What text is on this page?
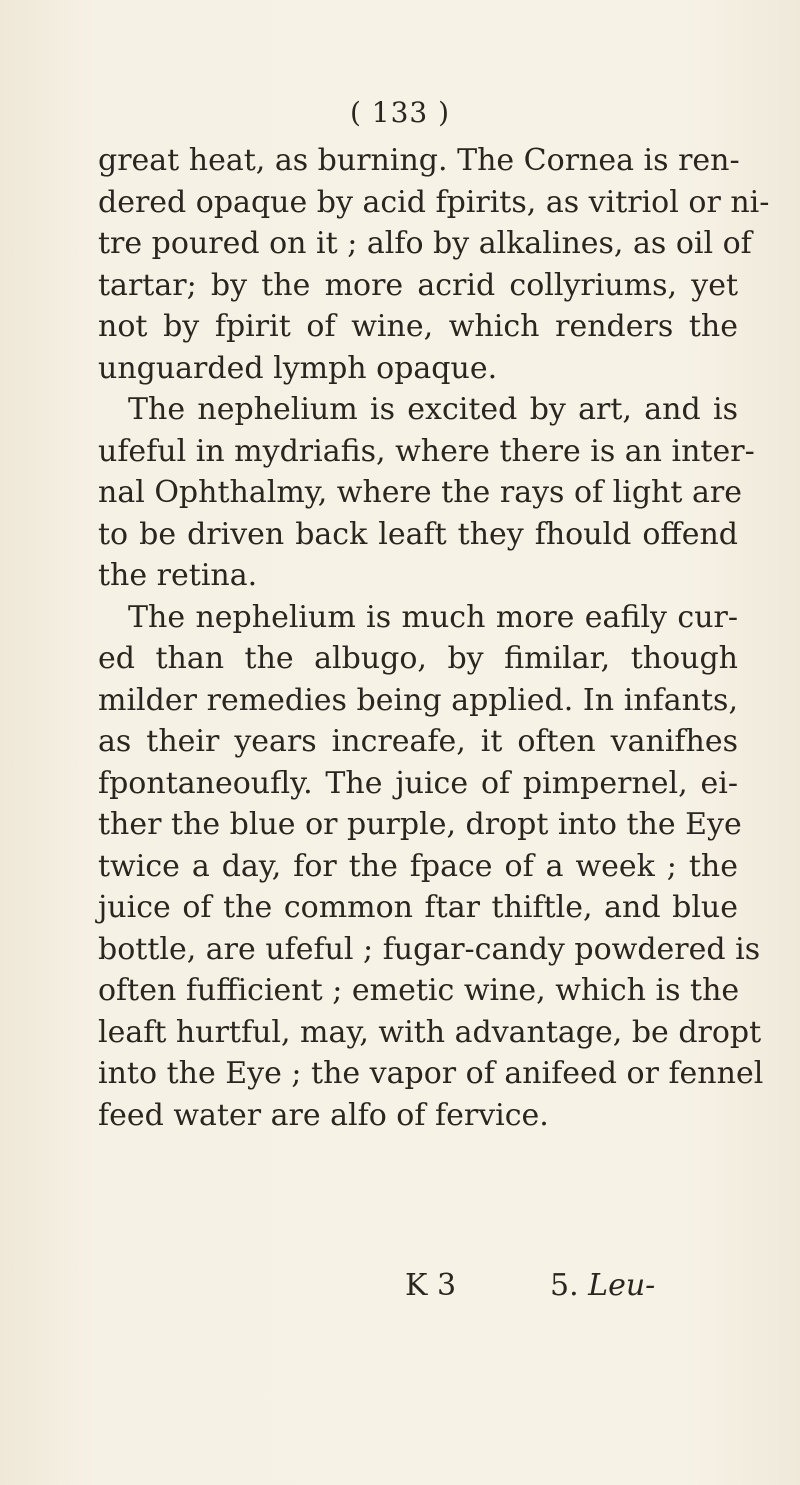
( 133 )
great heat, as burning. The Cornea is ren-
dered opaque by acid fpirits, as vitriol or ni-
tre poured on it ; alfo by alkalines, as oil of
tartar; by the more acrid collyriums, yet
not by fpirit of wine, which renders the
unguarded lymph opaque.
The nephelium is excited by art, and is
ufeful in mydriafis, where there is an inter-
nal Ophthalmy, where the rays of light are
to be driven back leaft they fhould offend
the retina.
The nephelium is much more eafily cur-
ed than the albugo, by fimilar, though
milder remedies being applied. In infants,
as their years increafe, it often vanifhes
fpontaneoufly. The juice of pimpernel, ei-
ther the blue or purple, dropt into the Eye
twice a day, for the fpace of a week ; the
juice of the common ftar thiftle, and blue
bottle, are ufeful ; fugar-candy powdered is
often fufficient ; emetic wine, which is the
leaft hurtful, may, with advantage, be dropt
into the Eye ; the vapor of anifeed or fennel
feed water are alfo of fervice.
K 3	5. Leu-
